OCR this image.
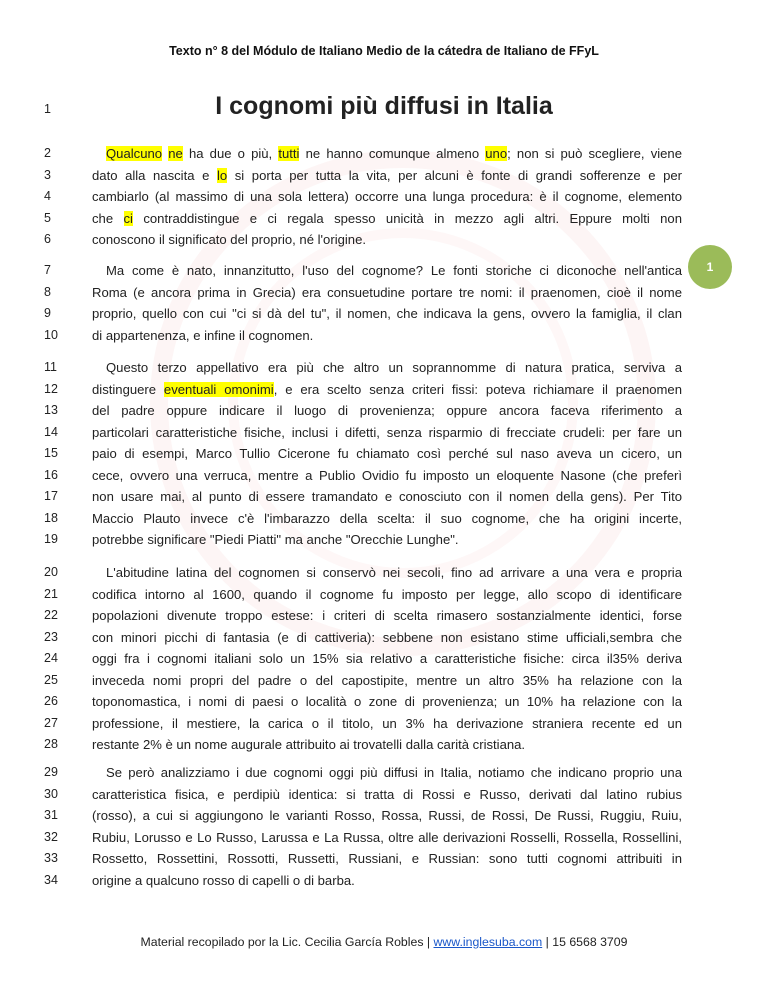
Texto n° 8 del Módulo de Italiano Medio de la cátedra de Italiano de FFyL
1	I cognomi più diffusi in Italia
2	Qualcuno ne ha due o più, tutti ne hanno comunque almeno uno; non si può scegliere, viene
3	dato alla nascita e lo si porta per tutta la vita, per alcuni è fonte di grandi sofferenze e per
4	cambiarlo (al massimo di una sola lettera) occorre una lunga procedura: è il cognome, elemento
5	che ci contraddistingue e ci regala spesso unicità in mezzo agli altri. Eppure molti non
6	conoscono il significato del proprio, né l'origine.
7	Ma come è nato, innanzitutto, l'uso del cognome? Le fonti storiche ci diconoche nell'antica
8	Roma (e ancora prima in Grecia) era consuetudine portare tre nomi: il praenomen, cioè il nome
9	proprio, quello con cui "ci si dà del tu", il nomen, che indicava la gens, ovvero la famiglia, il clan
10	di appartenenza, e infine il cognomen.
11	Questo terzo appellativo era più che altro un soprannomme di natura pratica, serviva a
12	distinguere eventuali omonimi, e era scelto senza criteri fissi: poteva richiamare il praenomen
13	del padre oppure indicare il luogo di provenienza; oppure ancora faceva riferimento a
14	particolari caratteristiche fisiche, inclusi i difetti, senza risparmio di frecciate crudeli: per fare un
15	paio di esempi, Marco Tullio Cicerone fu chiamato così perché sul naso aveva un cicero, un
16	cece, ovvero una verruca, mentre a Publio Ovidio fu imposto un eloquente Nasone (che preferì
17	non usare mai, al punto di essere tramandato e conosciuto con il nomen della gens). Per Tito
18	Maccio Plauto invece c'è l'imbarazzo della scelta: il suo cognome, che ha origini incerte,
19	potrebbe significare "Piedi Piatti" ma anche "Orecchie Lunghe".
20	L'abitudine latina del cognomen si conservò nei secoli, fino ad arrivare a una vera e propria
21	codifica intorno al 1600, quando il cognome fu imposto per legge, allo scopo di identificare
22	popolazioni divenute troppo estese: i criteri di scelta rimasero sostanzialmente identici, forse
23	con minori picchi di fantasia (e di cattiveria): sebbene non esistano stime ufficiali,sembra che
24	oggi fra i cognomi italiani solo un 15% sia relativo a caratteristiche fisiche: circa il35% deriva
25	inveceda nomi propri del padre o del capostipite, mentre un altro 35% ha relazione con la
26	toponomastica, i nomi di paesi o località o zone di provenienza; un 10% ha relazione con la
27	professione, il mestiere, la carica o il titolo, un 3% ha derivazione straniera recente ed un
28	restante 2% è un nome augurale attribuito ai trovatelli dalla carità cristiana.
29	Se però analizziamo i due cognomi oggi più diffusi in Italia, notiamo che indicano proprio una
30	caratteristica fisica, e perdipiù identica: si tratta di Rossi e Russo, derivati dal latino rubius
31	(rosso), a cui si aggiungono le varianti Rosso, Rossa, Russi, de Rossi, De Russi, Ruggiu, Ruiu,
32	Rubiu, Lorusso e Lo Russo, Larussa e La Russa, oltre alle derivazioni Rosselli, Rossella, Rossellini,
33	Rossetto, Rossettini, Rossotti, Russetti, Russiani, e Russian: sono tutti cognomi attribuiti in
34	origine a qualcuno rosso di capelli o di barba.
1
Material recopilado por la Lic. Cecilia García Robles | www.inglesuba.com | 15 6568 3709
